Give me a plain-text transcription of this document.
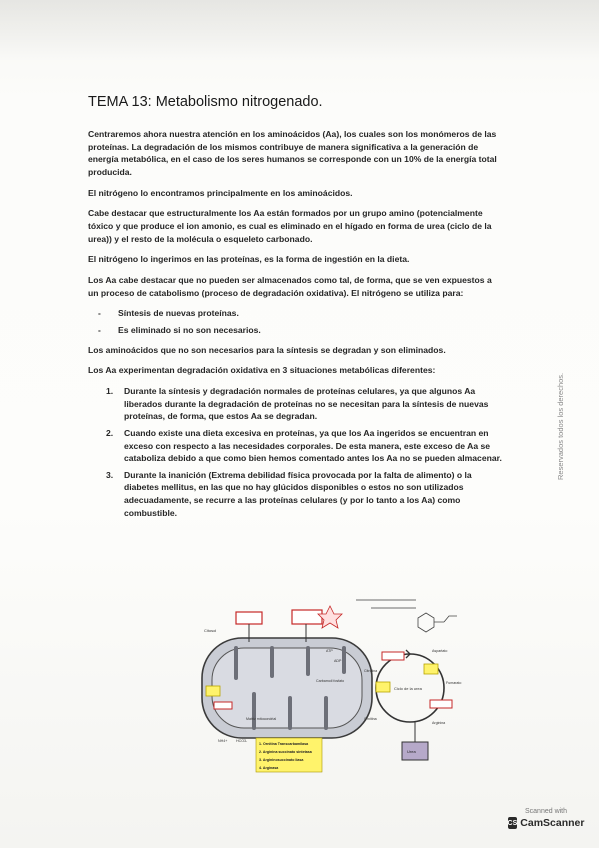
TEMA 13: Metabolismo nitrogenado.

Centraremos ahora nuestra atención en los aminoácidos (Aa), los cuales son los monómeros de las proteínas. La degradación de los mismos contribuye de manera significativa a la generación de energía metabólica, en el caso de los seres humanos se corresponde con un 10% de la energía total producida.

El nitrógeno lo encontramos principalmente en los aminoácidos.

Cabe destacar que estructuralmente los Aa están formados por un grupo amino (potencialmente tóxico y que produce el ion amonio, es cual es eliminado en el hígado en forma de urea (ciclo de la urea)) y el resto de la molécula o esqueleto carbonado.

El nitrógeno lo ingerimos en las proteínas, es la forma de ingestión en la dieta.

Los Aa cabe destacar que no pueden ser almacenados como tal, de forma, que se ven expuestos a un proceso de catabolismo (proceso de degradación oxidativa). El nitrógeno se utiliza para:

- Síntesis de nuevas proteínas.
- Es eliminado si no son necesarios.

Los aminoácidos que no son necesarios para la síntesis se degradan y son eliminados.

Los Aa experimentan degradación oxidativa en 3 situaciones metabólicas diferentes:

1. Durante la síntesis y degradación normales de proteínas celulares, ya que algunos Aa liberados durante la degradación de proteínas no se necesitan para la síntesis de nuevas proteínas, de forma, que estos Aa se degradan.
2. Cuando existe una dieta excesiva en proteínas, ya que los Aa ingeridos se encuentran en exceso con respecto a las necesidades corporales. De esta manera, este exceso de Aa se cataboliza debido a que como bien hemos comentado antes los Aa no se pueden almacenar.
3. Durante la inanición (Extrema debilidad física provocada por la falta de alimento) o la diabetes mellitus, en las que no hay glúcidos disponibles o estos no son utilizados adecuadamente, se recurre a las proteínas celulares (y por lo tanto a los Aa) como combustible.
Reservados todos los derechos.
1. Ornitina Transcarbamilasa
2. Arginina succinato sintetasa
3. Argininosuccinato liasa
4. Arginasa
Citosol
Ciclo de la urea
Ornitina
Citrulina
Arginina
Urea
Fumarato
Aspartato
NH4+ HCO3-
ATP
ADP
Carbamoil fosfato
Matriz mitocondrial
Scanned with
CS CamScanner
